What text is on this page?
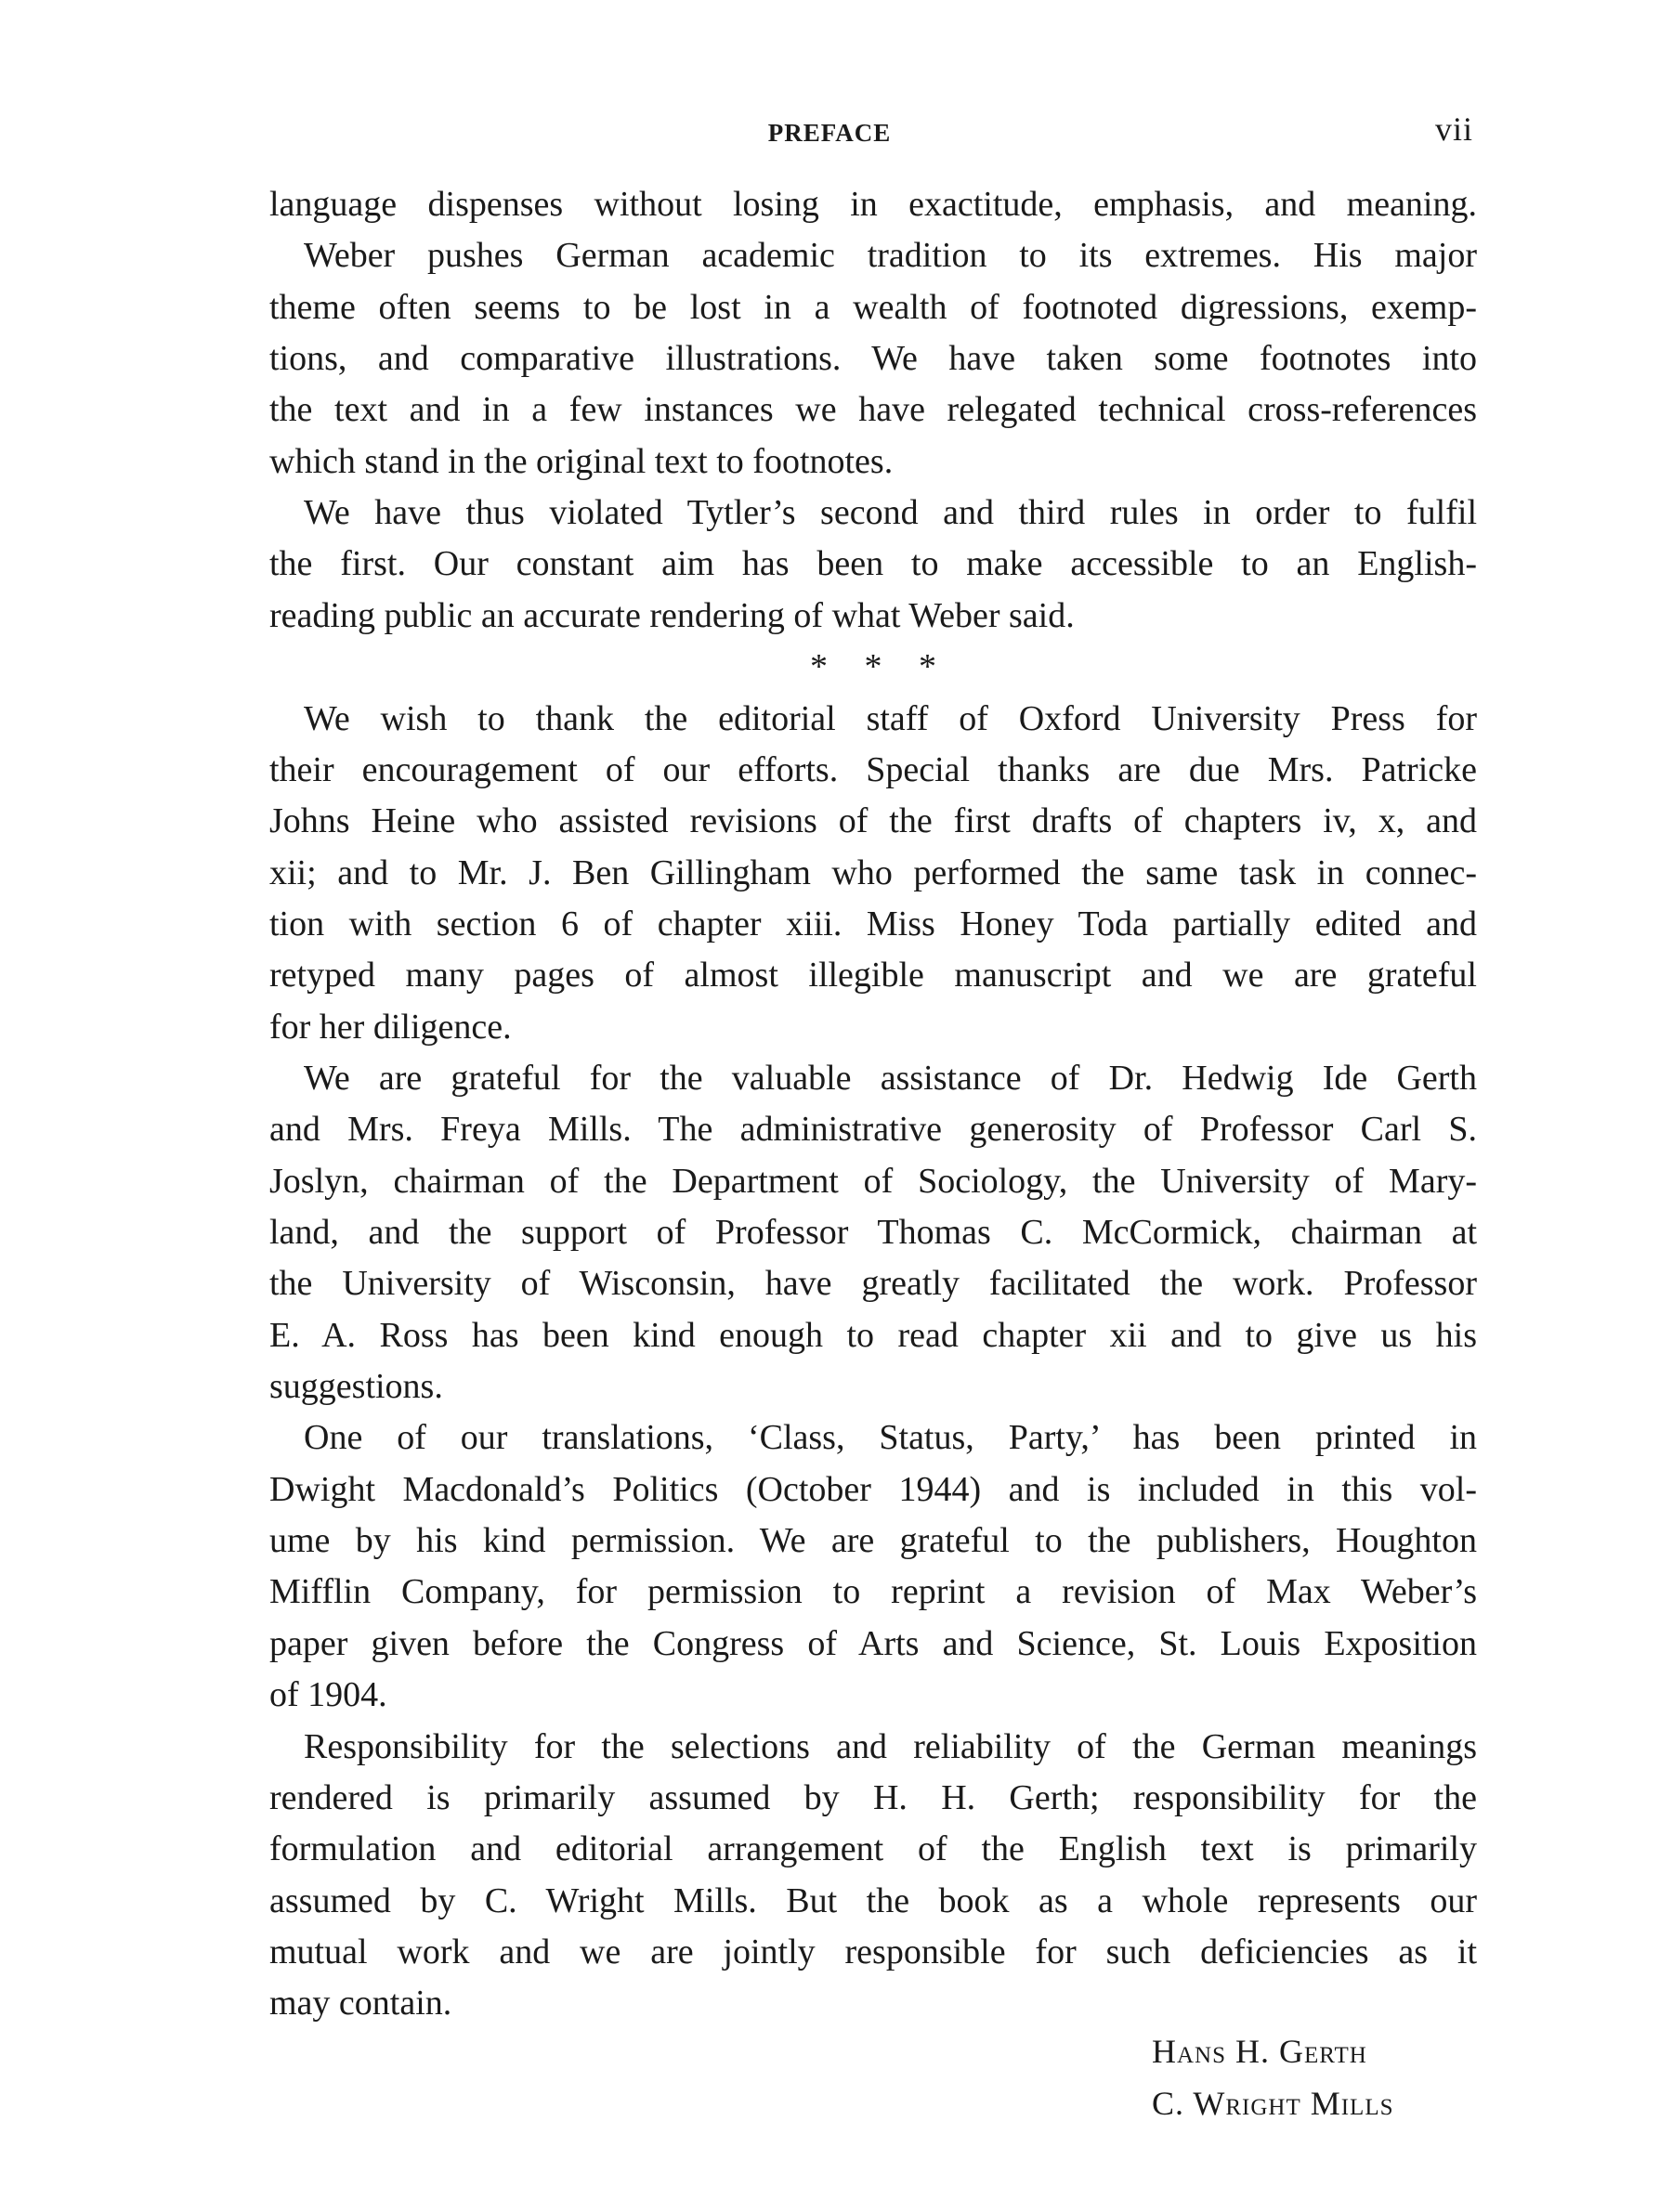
PREFACE	vii
language dispenses without losing in exactitude, emphasis, and meaning.
Weber pushes German academic tradition to its extremes. His major
theme often seems to be lost in a wealth of footnoted digressions, exemp-
tions, and comparative illustrations. We have taken some footnotes into
the text and in a few instances we have relegated technical cross-references
which stand in the original text to footnotes.
We have thus violated Tytler’s second and third rules in order to fulfil
the first. Our constant aim has been to make accessible to an English-
reading public an accurate rendering of what Weber said.
* * *
We wish to thank the editorial staff of Oxford University Press for
their encouragement of our efforts. Special thanks are due Mrs. Patricke
Johns Heine who assisted revisions of the first drafts of chapters iv, x, and
xii; and to Mr. J. Ben Gillingham who performed the same task in connec-
tion with section 6 of chapter xiii. Miss Honey Toda partially edited and
retyped many pages of almost illegible manuscript and we are grateful
for her diligence.
We are grateful for the valuable assistance of Dr. Hedwig Ide Gerth
and Mrs. Freya Mills. The administrative generosity of Professor Carl S.
Joslyn, chairman of the Department of Sociology, the University of Mary-
land, and the support of Professor Thomas C. McCormick, chairman at
the University of Wisconsin, have greatly facilitated the work. Professor
E. A. Ross has been kind enough to read chapter xii and to give us his
suggestions.
One of our translations, ‘Class, Status, Party,’ has been printed in
Dwight Macdonald’s Politics (October 1944) and is included in this vol-
ume by his kind permission. We are grateful to the publishers, Houghton
Mifflin Company, for permission to reprint a revision of Max Weber’s
paper given before the Congress of Arts and Science, St. Louis Exposition
of 1904.
Responsibility for the selections and reliability of the German meanings
rendered is primarily assumed by H. H. Gerth; responsibility for the
formulation and editorial arrangement of the English text is primarily
assumed by C. Wright Mills. But the book as a whole represents our
mutual work and we are jointly responsible for such deficiencies as it
may contain.
Hans H. Gerth
C. Wright Mills
